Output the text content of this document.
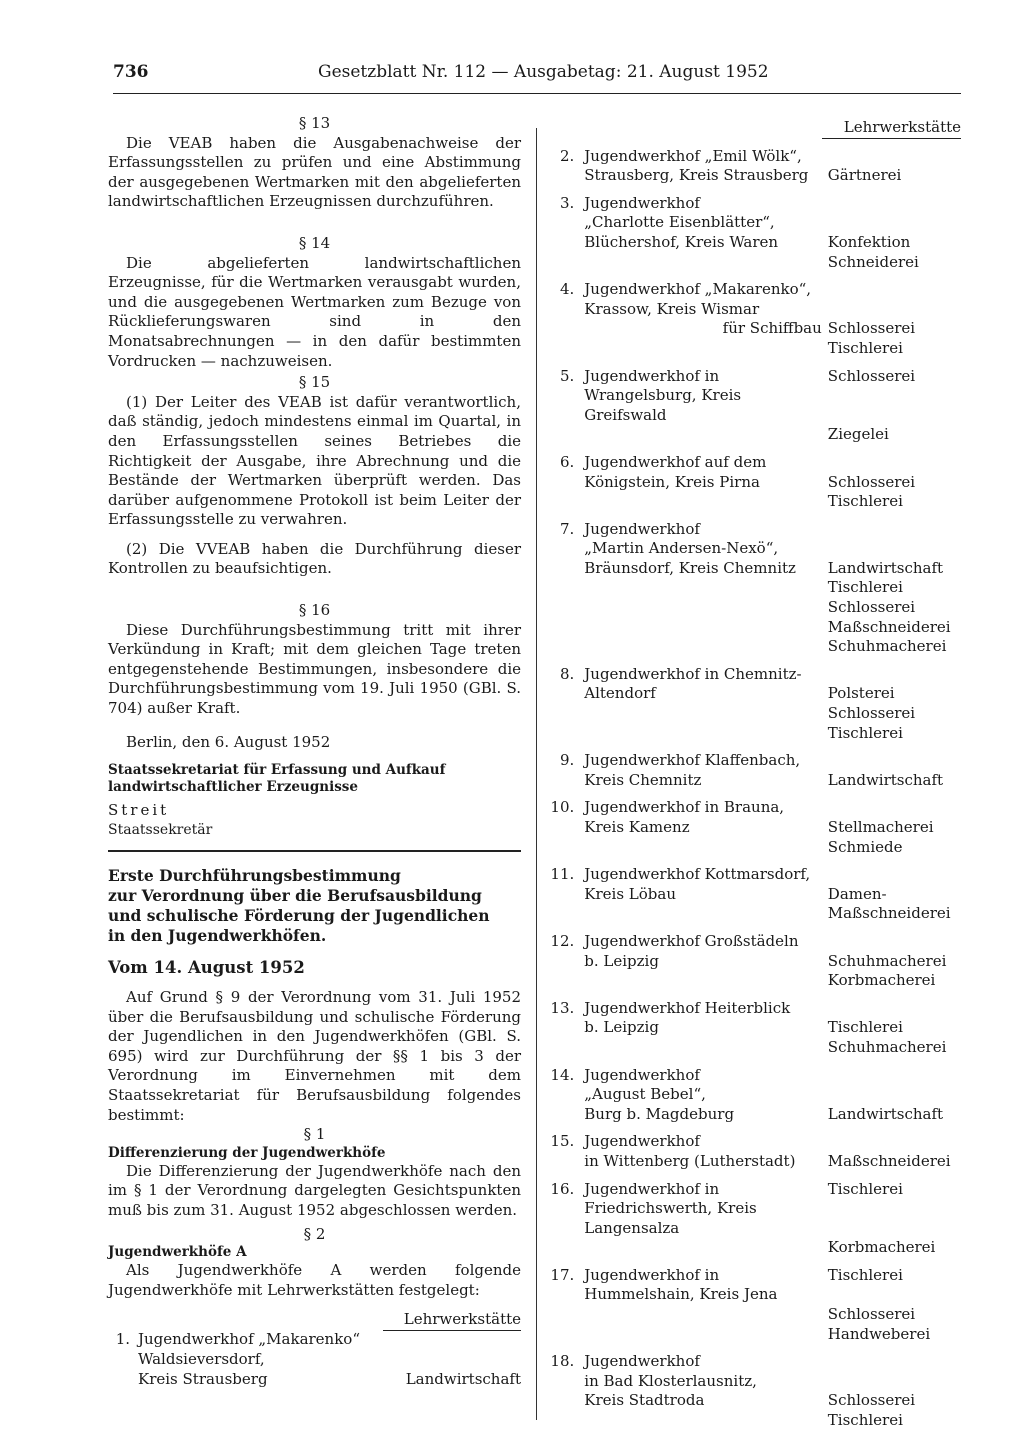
736	Gesetzblatt Nr. 112 — Ausgabetag: 21. August 1952

§ 13

Die VEAB haben die Ausgabenachweise der Erfassungsstellen zu prüfen und eine Abstimmung der ausgegebenen Wertmarken mit den abgelieferten landwirtschaftlichen Erzeugnissen durchzuführen.

§ 14

Die abgelieferten landwirtschaftlichen Erzeugnisse, für die Wertmarken verausgabt wurden, und die ausgegebenen Wertmarken zum Bezuge von Rücklieferungswaren sind in den Monatsabrechnungen — in den dafür bestimmten Vordrucken — nachzuweisen.

§ 15

(1) Der Leiter des VEAB ist dafür verantwortlich, daß ständig, jedoch mindestens einmal im Quartal, in den Erfassungsstellen seines Betriebes die Richtigkeit der Ausgabe, ihre Abrechnung und die Bestände der Wertmarken überprüft werden. Das darüber aufgenommene Protokoll ist beim Leiter der Erfassungsstelle zu verwahren.

(2) Die VVEAB haben die Durchführung dieser Kontrollen zu beaufsichtigen.

§ 16

Diese Durchführungsbestimmung tritt mit ihrer Verkündung in Kraft; mit dem gleichen Tage treten entgegenstehende Bestimmungen, insbesondere die Durchführungsbestimmung vom 19. Juli 1950 (GBl. S. 704) außer Kraft.

Berlin, den 6. August 1952

Staatssekretariat für Erfassung und Aufkauf

landwirtschaftlicher Erzeugnisse

Streit

Staatssekretär

Erste Durchführungsbestimmung

zur Verordnung über die Berufsausbildung

und schulische Förderung der Jugendlichen

in den Jugendwerkhöfen.

Vom 14. August 1952

Auf Grund § 9 der Verordnung vom 31. Juli 1952 über die Berufsausbildung und schulische Förderung der Jugendlichen in den Jugendwerkhöfen (GBl. S. 695) wird zur Durchführung der §§ 1 bis 3 der Verordnung im Einvernehmen mit dem Staatssekretariat für Berufsausbildung folgendes bestimmt:

§ 1

Differenzierung der Jugendwerkhöfe

Die Differenzierung der Jugendwerkhöfe nach den im § 1 der Verordnung dargelegten Gesichtspunkten muß bis zum 31. August 1952 abgeschlossen werden.

§ 2

Jugendwerkhöfe A

Als Jugendwerkhöfe A werden folgende Jugendwerkhöfe mit Lehrwerkstätten festgelegt:

		Lehrwerkstätte
1.	Jugendwerkhof „Makarenko“	
	Waldsieversdorf,	
	Kreis Strausberg	Landwirtschaft
		Lehrwerkstätte

2.	Jugendwerkhof „Emil Wölk“,	
	Strausberg, Kreis Strausberg	Gärtnerei

3.	Jugendwerkhof	
	„Charlotte Eisenblätter“,	
	Blüchershof, Kreis Waren	Konfektion
		Schneiderei

4.	Jugendwerkhof „Makarenko“,	
	Krassow, Kreis Wismar	
	für Schiffbau	Schlosserei
		Tischlerei

5.	Jugendwerkhof in Wrangelsburg, Kreis Greifswald	Schlosserei
		Ziegelei

6.	Jugendwerkhof auf dem	
	Königstein, Kreis Pirna	Schlosserei
		Tischlerei

7.	Jugendwerkhof	
	„Martin Andersen-Nexö“,	
	Bräunsdorf, Kreis Chemnitz	Landwirtschaft
		Tischlerei
		Schlosserei
		Maßschneiderei
		Schuhmacherei

8.	Jugendwerkhof in Chemnitz-	
	Altendorf	Polsterei
		Schlosserei
		Tischlerei

9.	Jugendwerkhof Klaffenbach,	
	Kreis Chemnitz	Landwirtschaft

10.	Jugendwerkhof in Brauna,	
	Kreis Kamenz	Stellmacherei
		Schmiede

11.	Jugendwerkhof Kottmarsdorf,	
	Kreis Löbau	Damen-
		Maßschneiderei

12.	Jugendwerkhof Großstädeln	
	b. Leipzig	Schuhmacherei
		Korbmacherei

13.	Jugendwerkhof Heiterblick	
	b. Leipzig	Tischlerei
		Schuhmacherei

14.	Jugendwerkhof	
	„August Bebel“,	
	Burg b. Magdeburg	Landwirtschaft

15.	Jugendwerkhof	
	in Wittenberg (Lutherstadt)	Maßschneiderei

16.	Jugendwerkhof in Friedrichswerth, Kreis Langensalza	Tischlerei
		Korbmacherei

17.	Jugendwerkhof in Hummelshain, Kreis Jena	Tischlerei
		Schlosserei
		Handweberei

18.	Jugendwerkhof	
	in Bad Klosterlausnitz,	
	Kreis Stadtroda	Schlosserei
		Tischlerei
